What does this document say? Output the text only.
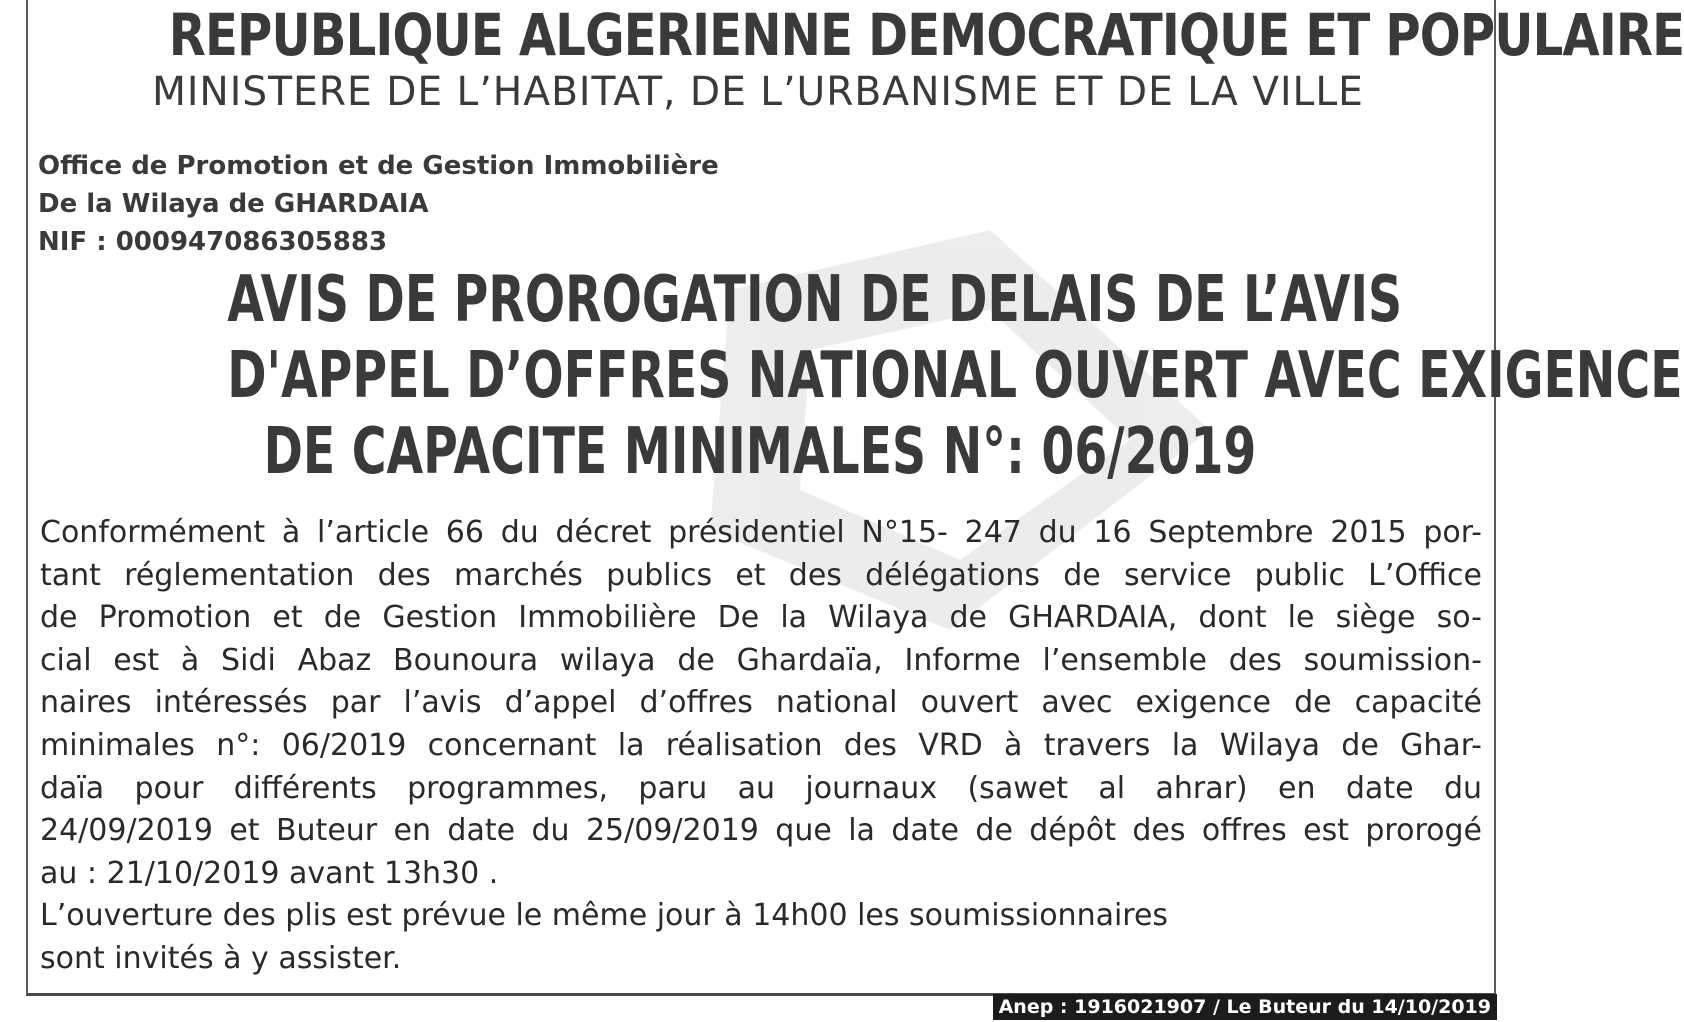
REPUBLIQUE ALGERIENNE DEMOCRATIQUE ET POPULAIRE
MINISTERE DE L’HABITAT, DE L’URBANISME ET DE LA VILLE
Office de Promotion et de Gestion Immobilière
De la Wilaya de GHARDAIA
NIF : 000947086305883
AVIS DE PROROGATION DE DELAIS DE L’AVIS
D'APPEL D’OFFRES NATIONAL OUVERT AVEC EXIGENCE
DE CAPACITE MINIMALES N°: 06/2019
Conformément à l’article 66 du décret présidentiel N°15- 247 du 16 Septembre 2015 por-
tant réglementation des marchés publics et des délégations de service public L’Office
de Promotion et de Gestion Immobilière De la Wilaya de GHARDAIA, dont le siège so-
cial est à Sidi Abaz Bounoura wilaya de Ghardaïa, Informe l’ensemble des soumission-
naires intéressés par l’avis d’appel d’offres national ouvert avec exigence de capacité
minimales n°: 06/2019 concernant la réalisation des VRD à travers la Wilaya de Ghar-
daïa pour différents programmes, paru au journaux (sawet al ahrar) en date du
24/09/2019 et Buteur en date du 25/09/2019 que la date de dépôt des offres est prorogé
au : 21/10/2019 avant 13h30 .
L’ouverture des plis est prévue le même jour à 14h00 les soumissionnaires
sont invités à y assister.
Anep : 1916021907 / Le Buteur du 14/10/2019
